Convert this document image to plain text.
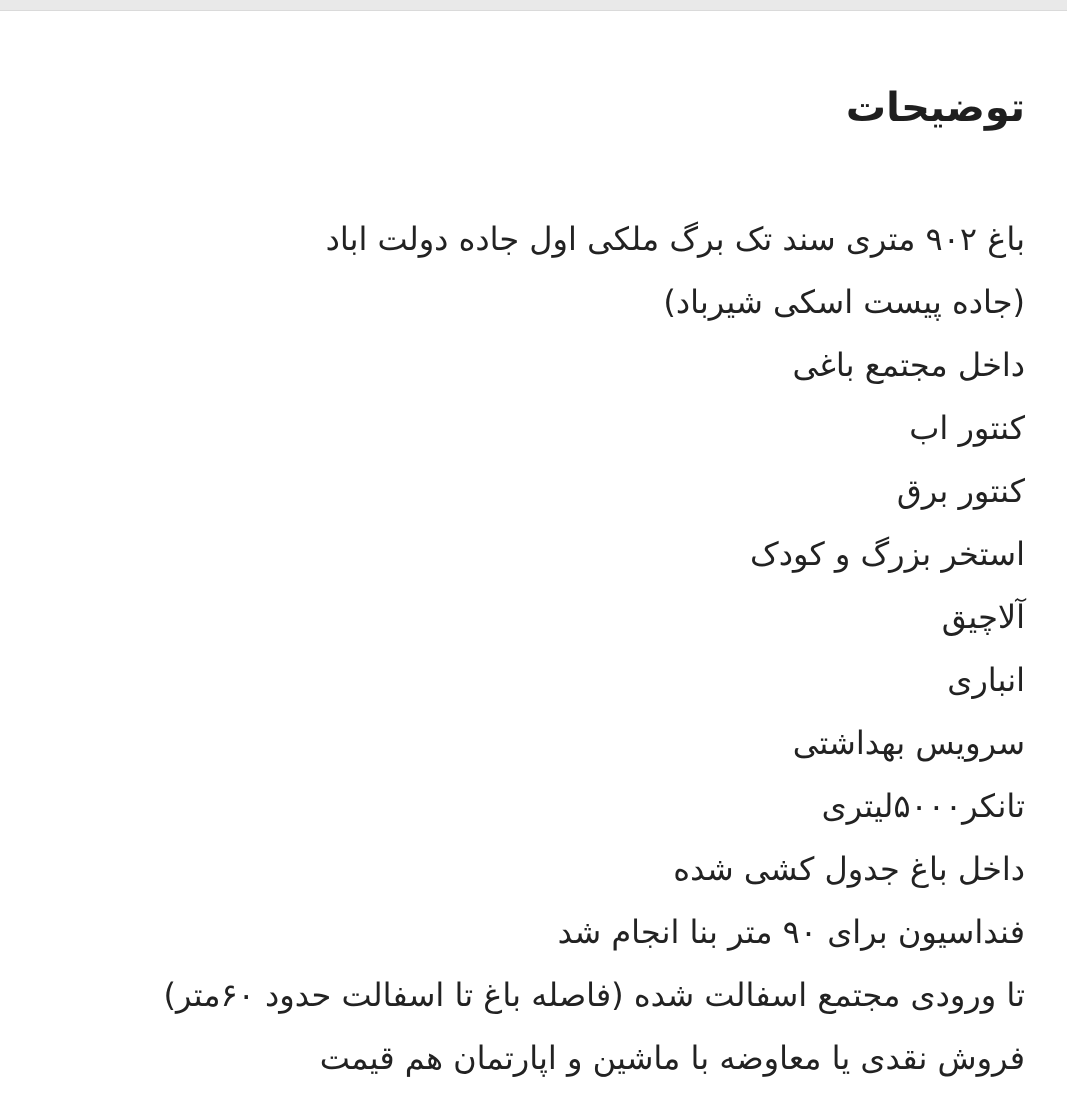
توضیحات
باغ ۹۰۲ متری سند تک برگ ملکی اول جاده دولت اباد
(جاده پیست اسکی شیرباد)
داخل مجتمع باغی
کنتور اب
کنتور برق
استخر بزرگ و کودک
آلاچیق
انباری
سرویس بهداشتی
تانکر۵۰۰۰لیتری
داخل باغ جدول کشی شده
فنداسیون برای ۹۰ متر بنا انجام شد
تا ورودی مجتمع اسفالت شده (فاصله باغ تا اسفالت حدود ۶۰متر)
فروش نقدی یا معاوضه با ماشین و اپارتمان هم قیمت
